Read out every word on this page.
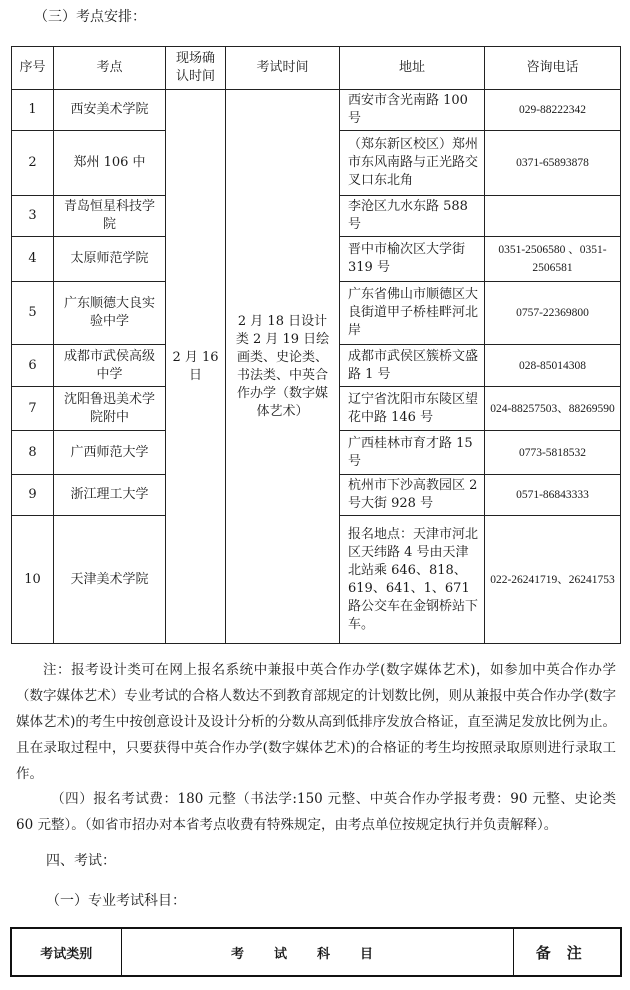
（三）考点安排：
序号	考点	现场确认时间	考试时间	地址	咨询电话
1	西安美术学院	2 月 16 日	2 月 18 日设计类 2 月 19 日绘画类、史论类、书法类、中英合作办学（数字媒体艺术）	西安市含光南路 100 号	029-88222342
2	郑州 106 中			（郑东新区校区）郑州市东风南路与正光路交叉口东北角	0371-65893878
3	青岛恒星科技学院			李沧区九水东路 588 号	
4	太原师范学院			晋中市榆次区大学街 319 号	0351-2506580 、0351-2506581
5	广东顺德大良实验中学			广东省佛山市顺德区大良街道甲子桥桂畔河北岸	0757-22369800
6	成都市武侯高级中学			成都市武侯区簇桥文盛路 1 号	028-85014308
7	沈阳鲁迅美术学院附中			辽宁省沈阳市东陵区望花中路 146 号	024-88257503、88269590
8	广西师范大学			广西桂林市育才路 15 号	0773-5818532
9	浙江理工大学			杭州市下沙高教园区 2 号大街 928 号	0571-86843333
10	天津美术学院			报名地点：天津市河北区天纬路 4 号由天津北站乘 646、818、619、641、1、671 路公交车在金钢桥站下车。	022-26241719、26241753
注：报考设计类可在网上报名系统中兼报中英合作办学(数字媒体艺术)，如参加中英合作办学（数字媒体艺术）专业考试的合格人数达不到教育部规定的计划数比例，则从兼报中英合作办学(数字媒体艺术)的考生中按创意设计及设计分析的分数从高到低排序发放合格证，直至满足发放比例为止。且在录取过程中，只要获得中英合作办学(数字媒体艺术)的合格证的考生均按照录取原则进行录取工作。
（四）报名考试费：180 元整（书法学:150 元整、中英合作办学报考费：90 元整、史论类 60 元整）。（如省市招办对本省考点收费有特殊规定，由考点单位按规定执行并负责解释）。
四、考试：
（一）专业考试科目：
考试类别	考试科目	备注
